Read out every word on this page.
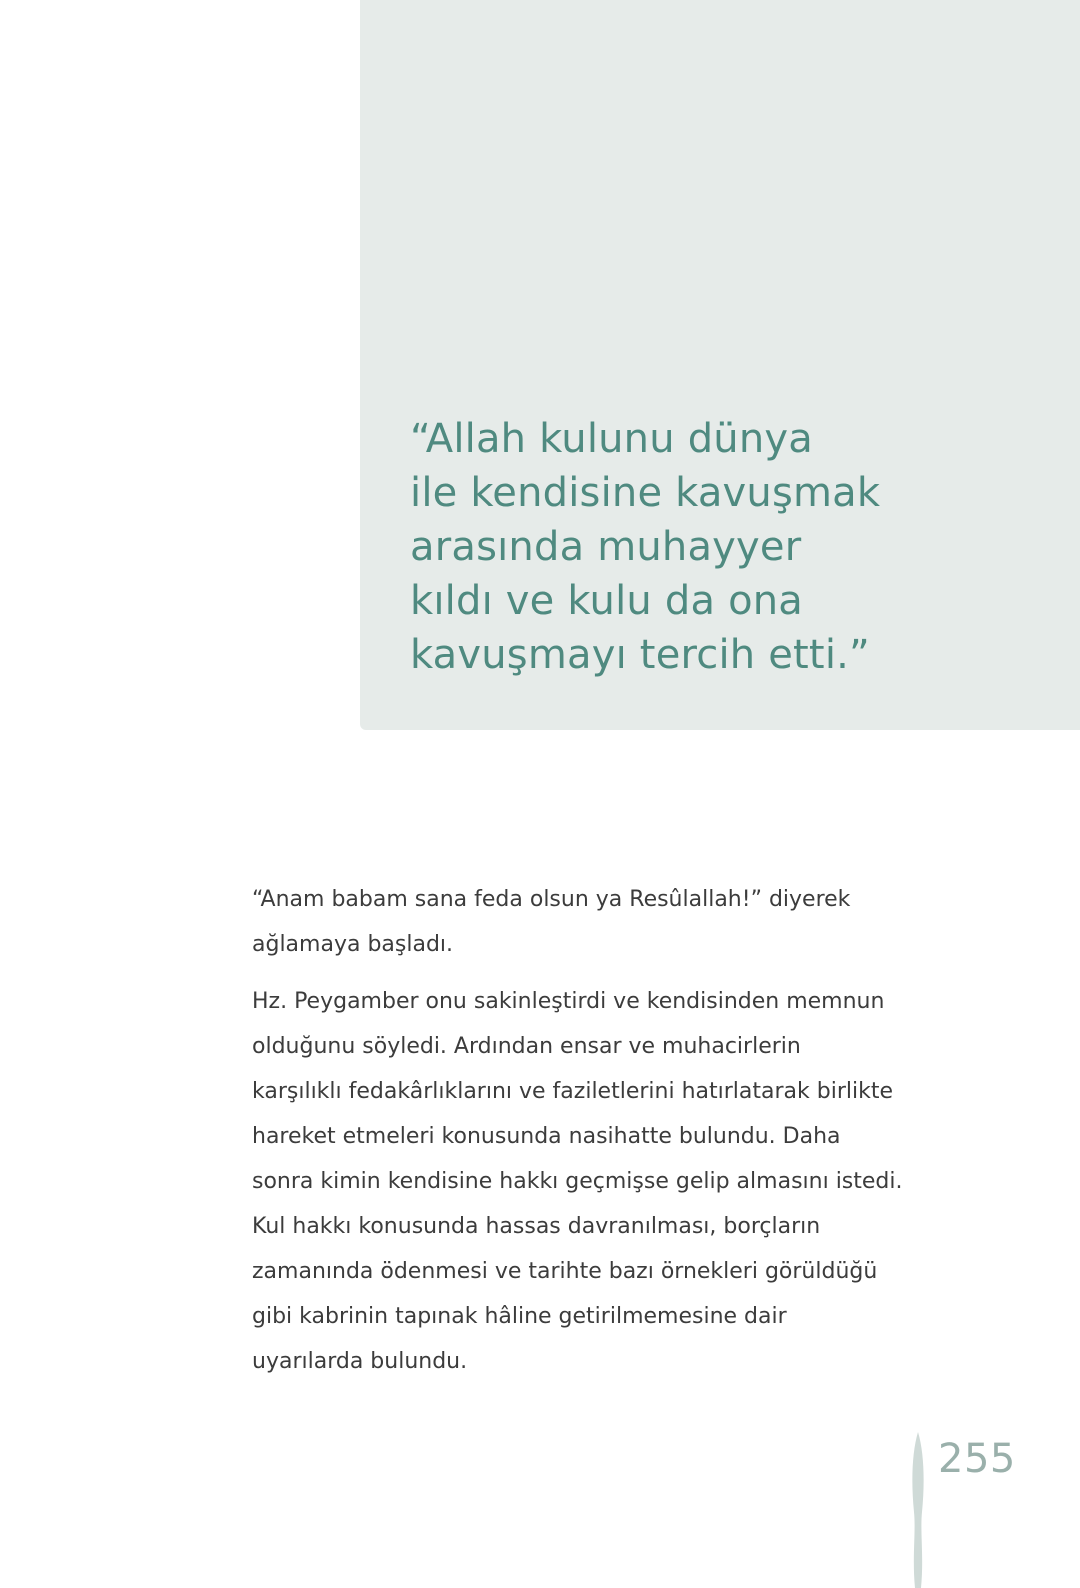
“Allah kulunu dünya
ile kendisine kavuşmak
arasında muhayyer
kıldı ve kulu da ona
kavuşmayı tercih etti.”

“Anam babam sana feda olsun ya Resûlallah!” diyerek
ağlamaya başladı.

Hz. Peygamber onu sakinleştirdi ve kendisinden memnun
olduğunu söyledi. Ardından ensar ve muhacirlerin
karşılıklı fedakârlıklarını ve faziletlerini hatırlatarak birlikte
hareket etmeleri konusunda nasihatte bulundu. Daha
sonra kimin kendisine hakkı geçmişse gelip almasını istedi.
Kul hakkı konusunda hassas davranılması, borçların
zamanında ödenmesi ve tarihte bazı örnekleri görüldüğü
gibi kabrinin tapınak hâline getirilmemesine dair
uyarılarda bulundu.

255
